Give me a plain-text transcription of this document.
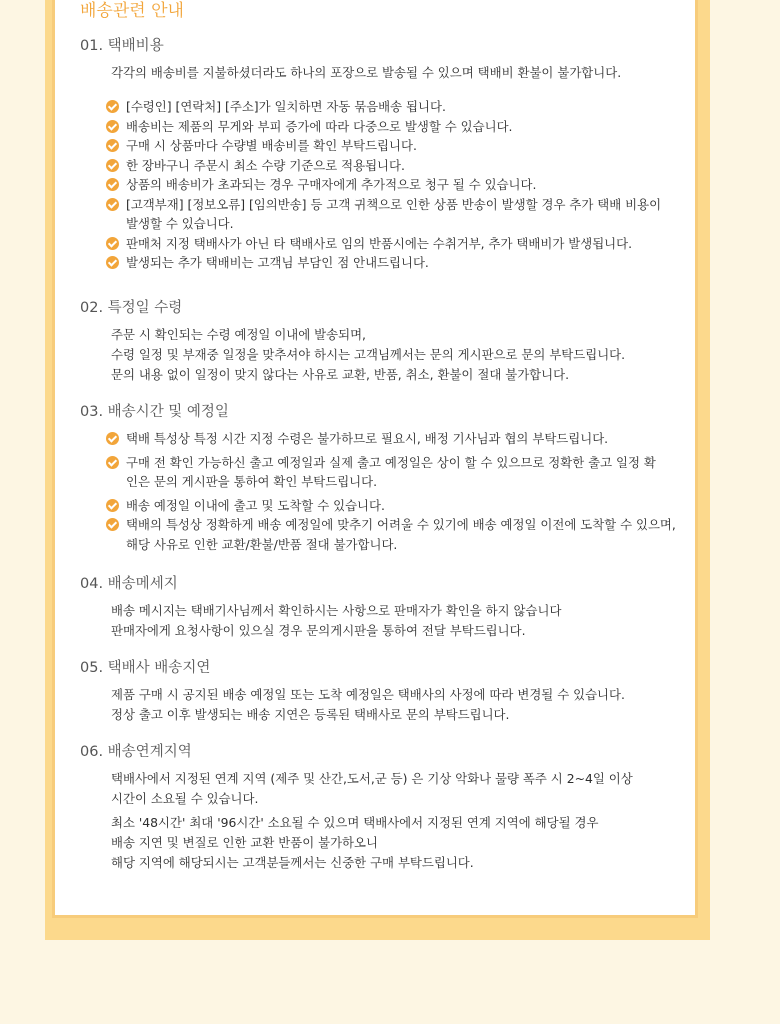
배송관련 안내
01. 택배비용

각각의 배송비를 지불하셨더라도 하나의 포장으로 발송될 수 있으며 택배비 환불이 불가합니다.

[수령인] [연락처] [주소]가 일치하면 자동 묶음배송 됩니다.
배송비는 제품의 무게와 부피 증가에 따라 다중으로 발생할 수 있습니다.
구매 시 상품마다 수량별 배송비를 확인 부탁드립니다.
한 장바구니 주문시 최소 수량 기준으로 적용됩니다.
상품의 배송비가 초과되는 경우 구매자에게 추가적으로 청구 될 수 있습니다.
[고객부재] [정보오류] [임의반송] 등 고객 귀책으로 인한 상품 반송이 발생할 경우 추가 택배 비용이 발생할 수 있습니다.
판매처 지정 택배사가 아닌 타 택배사로 임의 반품시에는 수취거부, 추가 택배비가 발생됩니다.
발생되는 추가 택배비는 고객님 부담인 점 안내드립니다.
02. 특정일 수령

주문 시 확인되는 수령 예정일 이내에 발송되며,

수령 일정 및 부재중 일정을 맞추셔야 하시는 고객님께서는 문의 게시판으로 문의 부탁드립니다.

문의 내용 없이 일정이 맞지 않다는 사유로 교환, 반품, 취소, 환불이 절대 불가합니다.

03. 배송시간 및 예정일
택배 특성상 특정 시간 지정 수령은 불가하므로 필요시, 배정 기사님과 협의 부탁드립니다.
구매 전 확인 가능하신 출고 예정일과 실제 출고 예정일은 상이 할 수 있으므로 정확한 출고 일정 확인은 문의 게시판을 통하여 확인 부탁드립니다.
배송 예정일 이내에 출고 및 도착할 수 있습니다.
택배의 특성상 정확하게 배송 예정일에 맞추기 어려울 수 있기에 배송 예정일 이전에 도착할 수 있으며, 해당 사유로 인한 교환/환불/반품 절대 불가합니다.
04. 배송메세지

배송 메시지는 택배기사님께서 확인하시는 사항으로 판매자가 확인을 하지 않습니다

판매자에게 요청사항이 있으실 경우 문의게시판을 통하여 전달 부탁드립니다.

05. 택배사 배송지연

제품 구매 시 공지된 배송 예정일 또는 도착 예정일은 택배사의 사정에 따라 변경될 수 있습니다.

정상 출고 이후 발생되는 배송 지연은 등록된 택배사로 문의 부탁드립니다.

06. 배송연계지역

택배사에서 지정된 연계 지역 (제주 및 산간,도서,군 등) 은 기상 악화나 물량 폭주 시 2~4일 이상

시간이 소요될 수 있습니다.

최소 '48시간' 최대 '96시간' 소요될 수 있으며 택배사에서 지정된 연계 지역에 해당될 경우

배송 지연 및 변질로 인한 교환 반품이 불가하오니

해당 지역에 해당되시는 고객분들께서는 신중한 구매 부탁드립니다.
